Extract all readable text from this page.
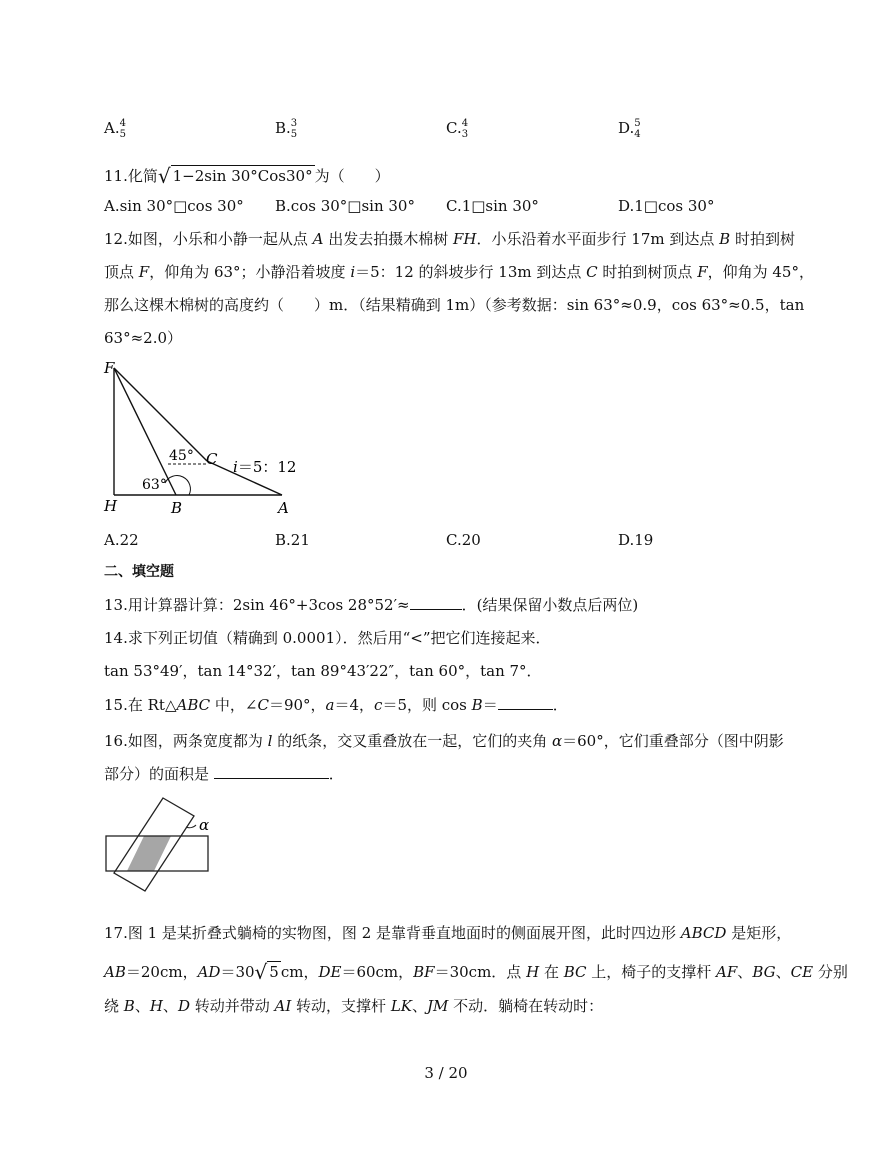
A. 4
5	B. 3
5	C. 4
3	D. 5
4
11.化简√ 1−2sin 30°Cos30° 为（　　）
A.sin 30°□cos 30° B.cos 30°□sin 30° C.1□sin 30°	D.1□cos 30°
12.如图，小乐和小静一起从点 A 出发去拍摄木棉树 FH．小乐沿着水平面步行 17m 到达点 B 时拍到树
顶点 F，仰角为 63°；小静沿着坡度 i＝5：12 的斜坡步行 13m 到达点 C 时拍到树顶点 F，仰角为 45°，
那么这棵木棉树的高度约（　　）m．（结果精确到 1m）（参考数据：sin 63°≈0.9，cos 63°≈0.5，tan
63°≈2.0）
F
H	B	A
C
45°
63°
i＝5：12
A.22	B.21	C.20	D.19
二、填空题
13.用计算器计算：2sin 46°+3cos 28°52′≈	．(结果保留小数点后两位)
14.求下列正切值（精确到 0.0001）．然后用“<”把它们连接起来．
tan 53°49′，tan 14°32′，tan 89°43′22″，tan 60°，tan 7°．
15.在 Rt△ABC 中，∠C＝90°，a＝4，c＝5，则 cos B＝	．
16.如图，两条宽度都为 l 的纸条，交叉重叠放在一起，它们的夹角 α＝60°，它们重叠部分（图中阴影
部分）的面积是	．
α
17.图 1 是某折叠式躺椅的实物图，图 2 是靠背垂直地面时的侧面展开图，此时四边形 ABCD 是矩形，
AB＝20cm，AD＝30√ 5 cm，DE＝60cm，BF＝30cm．点 H 在 BC 上，椅子的支撑杆 AF、BG、CE 分别
绕 B、H、D 转动并带动 AI 转动，支撑杆 LK、JM 不动．躺椅在转动时：
3 / 20
